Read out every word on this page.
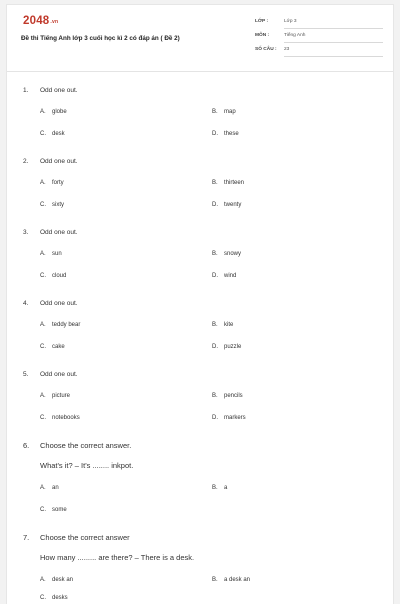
2048.vn
Đề thi Tiếng Anh lớp 3 cuối học kì 2 có đáp án ( Đề 2)
LỚP :	Lớp 3
MÔN :	Tiếng Anh
SỐ CÂU : 23
1. Odd one out.
A. globe	B. map
C. desk	D. these
2. Odd one out.
A. forty	B. thirteen
C. sixty	D. twenty
3. Odd one out.
A. sun	B. snowy
C. cloud	D. wind
4. Odd one out.
A. teddy bear	B. kite
C. cake	D. puzzle
5. Odd one out.
A. picture	B. pencils
C. notebooks	D. markers
6. Choose the correct answer.
What's it? – It's ........ inkpot.
A. an	B. a
C. some
7. Choose the correct answer
How many ......... are there? – There is a desk.
A. desk an	B. a desk an
C. desks
